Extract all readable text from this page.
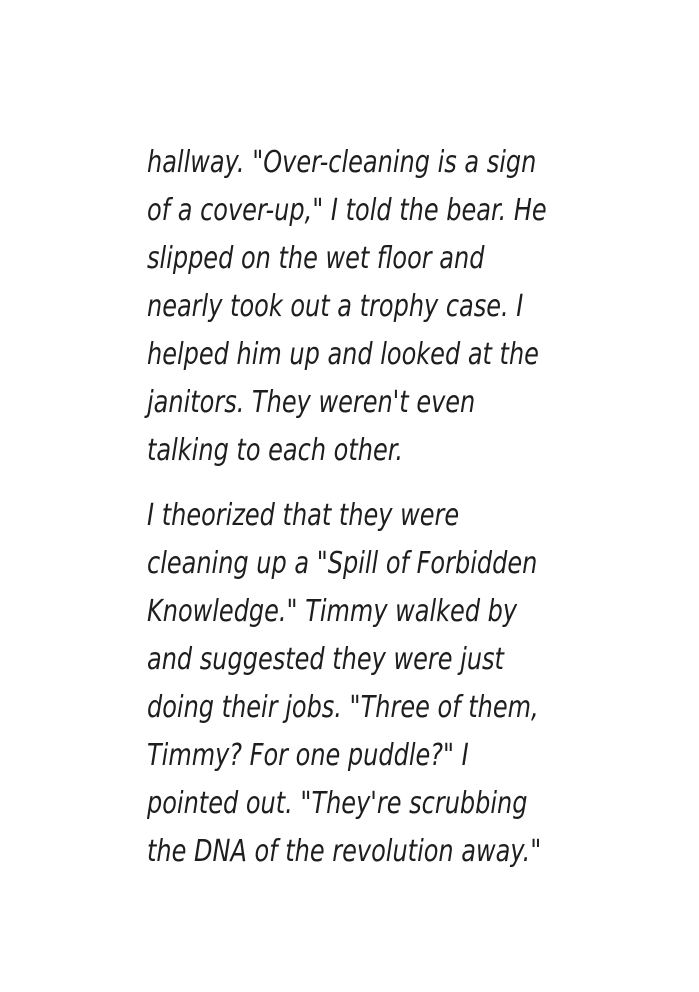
hallway. "Over-cleaning is a sign
of a cover-up," I told the bear. He
slipped on the wet floor and
nearly took out a trophy case. I
helped him up and looked at the
janitors. They weren't even
talking to each other.
I theorized that they were
cleaning up a "Spill of Forbidden
Knowledge." Timmy walked by
and suggested they were just
doing their jobs. "Three of them,
Timmy? For one puddle?" I
pointed out. "They're scrubbing
the DNA of the revolution away."
